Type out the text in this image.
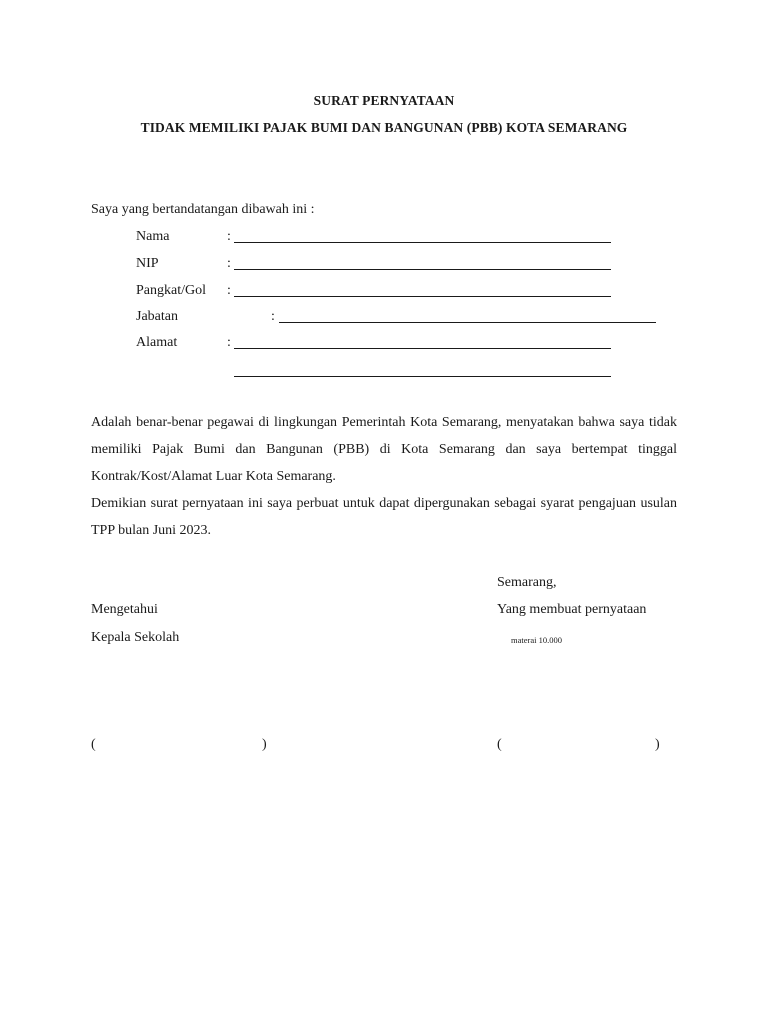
SURAT PERNYATAAN
TIDAK MEMILIKI PAJAK BUMI DAN BANGUNAN (PBB) KOTA SEMARANG
Saya yang bertandatangan dibawah ini :
Nama	:
NIP	:
Pangkat/Gol :
Jabatan	:
Alamat	:
Adalah benar-benar pegawai di lingkungan Pemerintah Kota Semarang, menyatakan bahwa saya tidak memiliki Pajak Bumi dan Bangunan (PBB) di Kota Semarang dan saya bertempat tinggal Kontrak/Kost/Alamat Luar Kota Semarang.
Demikian surat pernyataan ini saya perbuat untuk dapat dipergunakan sebagai syarat pengajuan usulan TPP bulan Juni 2023.
Semarang,
Mengetahui	Yang membuat pernyataan
Kepala Sekolah	materai 10.000
(	)	(	)
